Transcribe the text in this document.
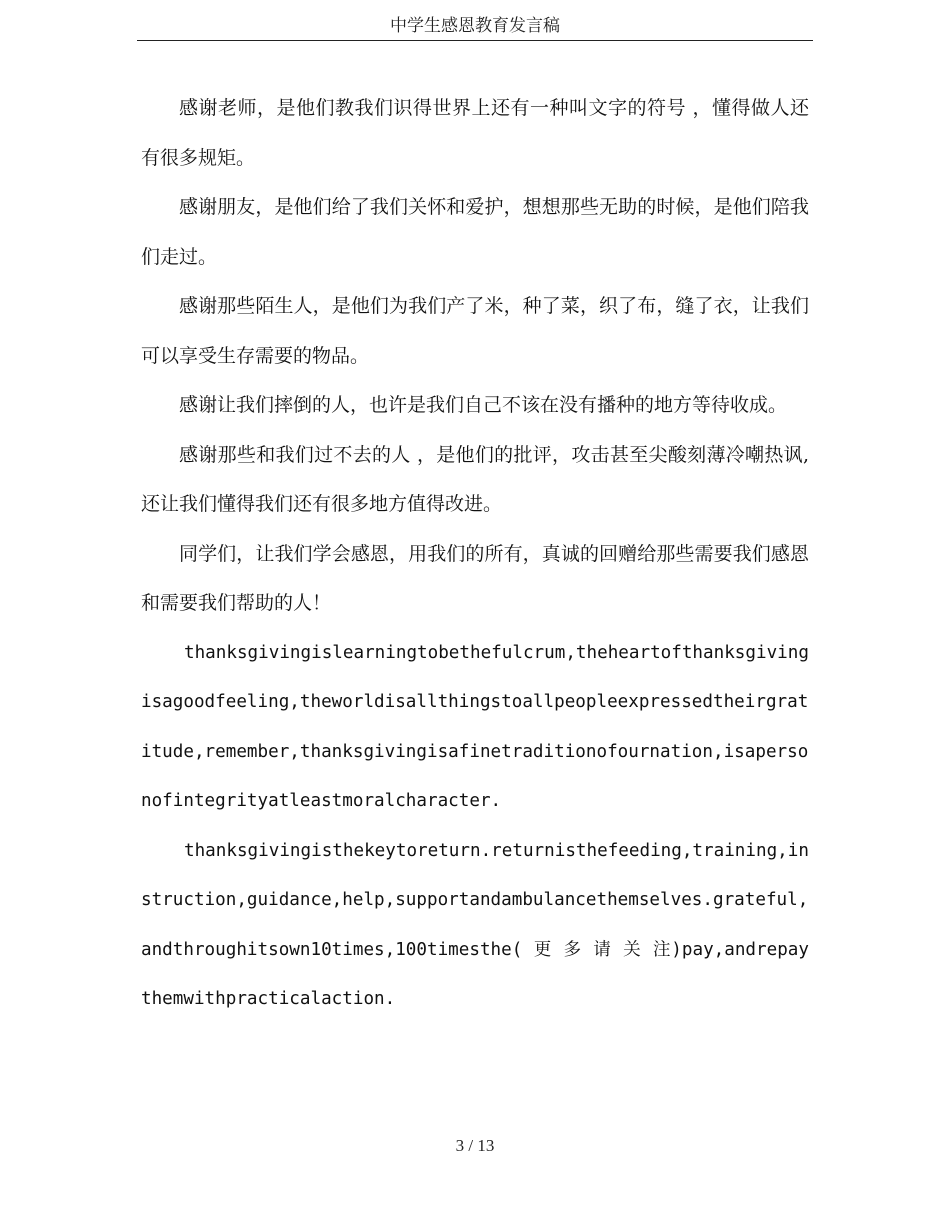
中学生感恩教育发言稿

感谢老师，是他们教我们识得世界上还有一种叫文字的符号 ，懂得做人还有很多规矩。

感谢朋友，是他们给了我们关怀和爱护，想想那些无助的时候，是他们陪我们走过。

感谢那些陌生人，是他们为我们产了米，种了菜，织了布，缝了衣，让我们可以享受生存需要的物品。

感谢让我们摔倒的人，也许是我们自己不该在没有播种的地方等待收成。

感谢那些和我们过不去的人 ，是他们的批评，攻击甚至尖酸刻薄冷嘲热讽,还让我们懂得我们还有很多地方值得改进。

同学们，让我们学会感恩，用我们的所有，真诚的回赠给那些需要我们感恩和需要我们帮助的人！

thanksgivingislearningtobethefulcrum,theheartofthanksgivingisagoodfeeling,theworldisallthingstoallpeopleexpressedtheirgratitude,remember,thanksgivingisafinetraditionofournation,isapersonofintegrityatleastmoralcharacter.

thanksgivingisthekeytoreturn.returnisthefeeding,training,instruction,guidance,help,supportandambulancethemselves.grateful,andthroughitsown10times,100timesthe( 更 多 请 关 注)pay,andrepaythemwithpracticalaction.

3 / 13
